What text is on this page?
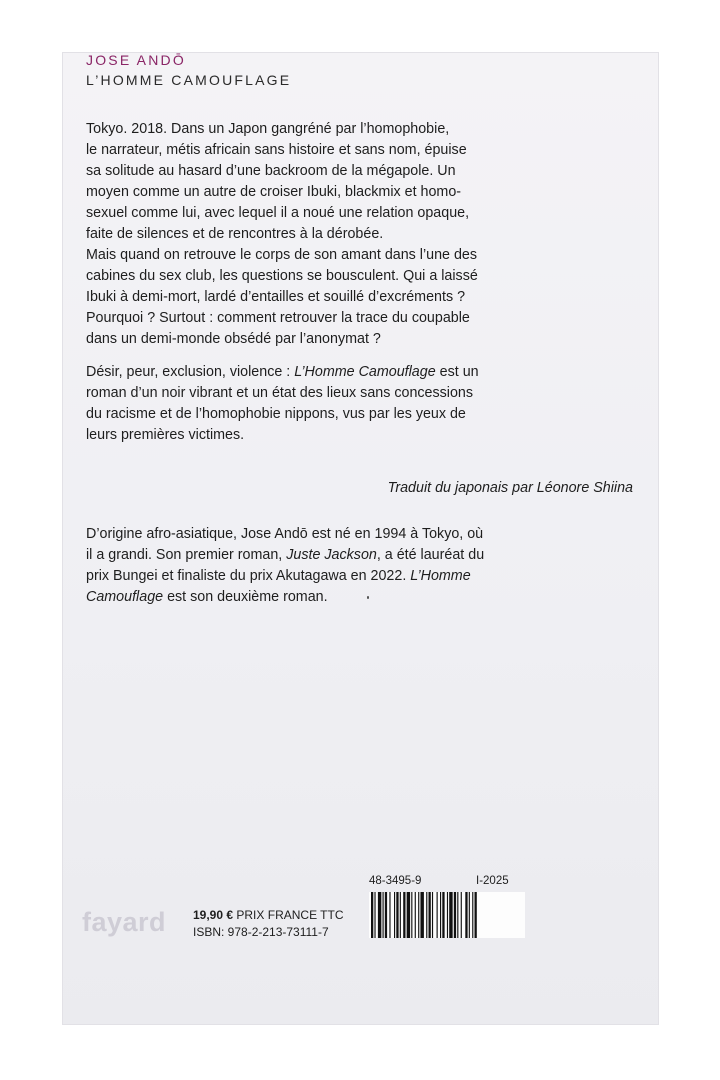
JOSE ANDŌ
L’HOMME CAMOUFLAGE
Tokyo. 2018. Dans un Japon gangréné par l’homophobie,
le narrateur, métis africain sans histoire et sans nom, épuise
sa solitude au hasard d’une backroom de la mégapole. Un
moyen comme un autre de croiser Ibuki, blackmix et homo-
sexuel comme lui, avec lequel il a noué une relation opaque,
faite de silences et de rencontres à la dérobée.
Mais quand on retrouve le corps de son amant dans l’une des
cabines du sex club, les questions se bousculent. Qui a laissé
Ibuki à demi-mort, lardé d’entailles et souillé d’excréments ?
Pourquoi ? Surtout : comment retrouver la trace du coupable
dans un demi-monde obsédé par l’anonymat ?
Désir, peur, exclusion, violence : L’Homme Camouflage est un
roman d’un noir vibrant et un état des lieux sans concessions
du racisme et de l’homophobie nippons, vus par les yeux de
leurs premières victimes.
Traduit du japonais par Léonore Shiina
D’origine afro-asiatique, Jose Andō est né en 1994 à Tokyo, où
il a grandi. Son premier roman, Juste Jackson, a été lauréat du
prix Bungei et finaliste du prix Akutagawa en 2022. L’Homme
Camouflage est son deuxième roman.
fayard 19,90 € PRIX FRANCE TTC
ISBN: 978-2-213-73111-7
48-3495-9	I-2025
